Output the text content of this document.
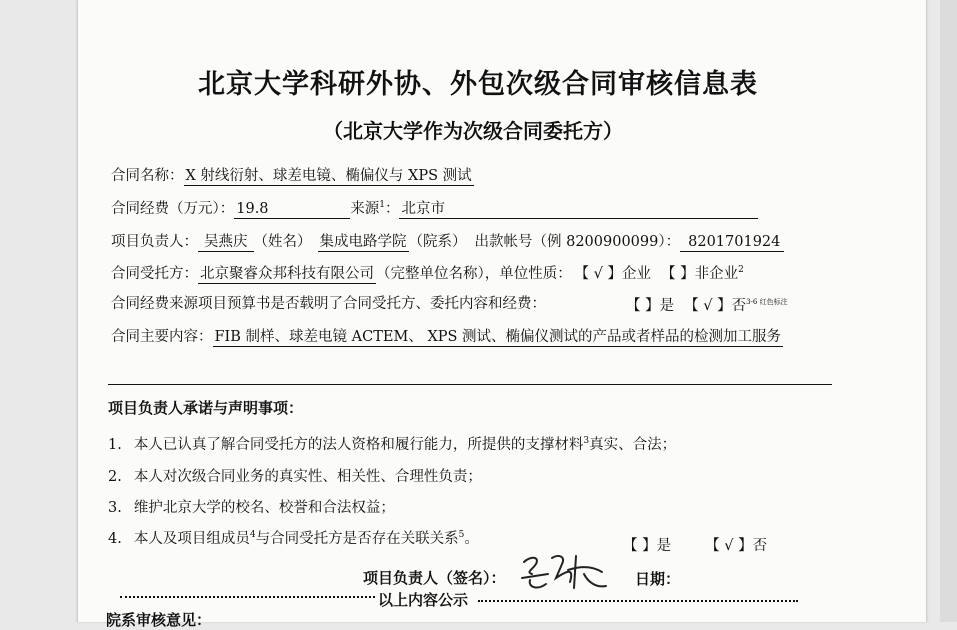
北京大学科研外协、外包次级合同审核信息表
（北京大学作为次级合同委托方）
合同名称： X 射线衍射、球差电镜、椭偏仪与 XPS 测试
合同经费（万元）： 19.8	来源$^1$： 北京市
项目负责人： 吴燕庆 （姓名） 集成电路学院 （院系） 出款帐号（例 8200900099）： 8201701924
合同受托方： 北京聚睿众邦科技有限公司 （完整单位名称），单位性质： 【 √ 】企业 【 】非企业$^2$
合同经费来源项目预算书是否载明了合同受托方、委托内容和经费：	【 】是 【 √ 】否$^{3-6 红色标注}$
合同主要内容： FIB 制样、球差电镜 ACTEM、 XPS 测试、椭偏仪测试的产品或者样品的检测加工服务
项目负责人承诺与声明事项：
1. 本人已认真了解合同受托方的法人资格和履行能力，所提供的支撑材料$^3$真实、合法；
2. 本人对次级合同业务的真实性、相关性、合理性负责；
3. 维护北京大学的校名、校誉和合法权益；
4. 本人及项目组成员$^4$与合同受托方是否存在关联关系$^5$。	【 】是 【 √ 】否
项目负责人（签名）：	日期：
以上内容公示
院系审核意见：
